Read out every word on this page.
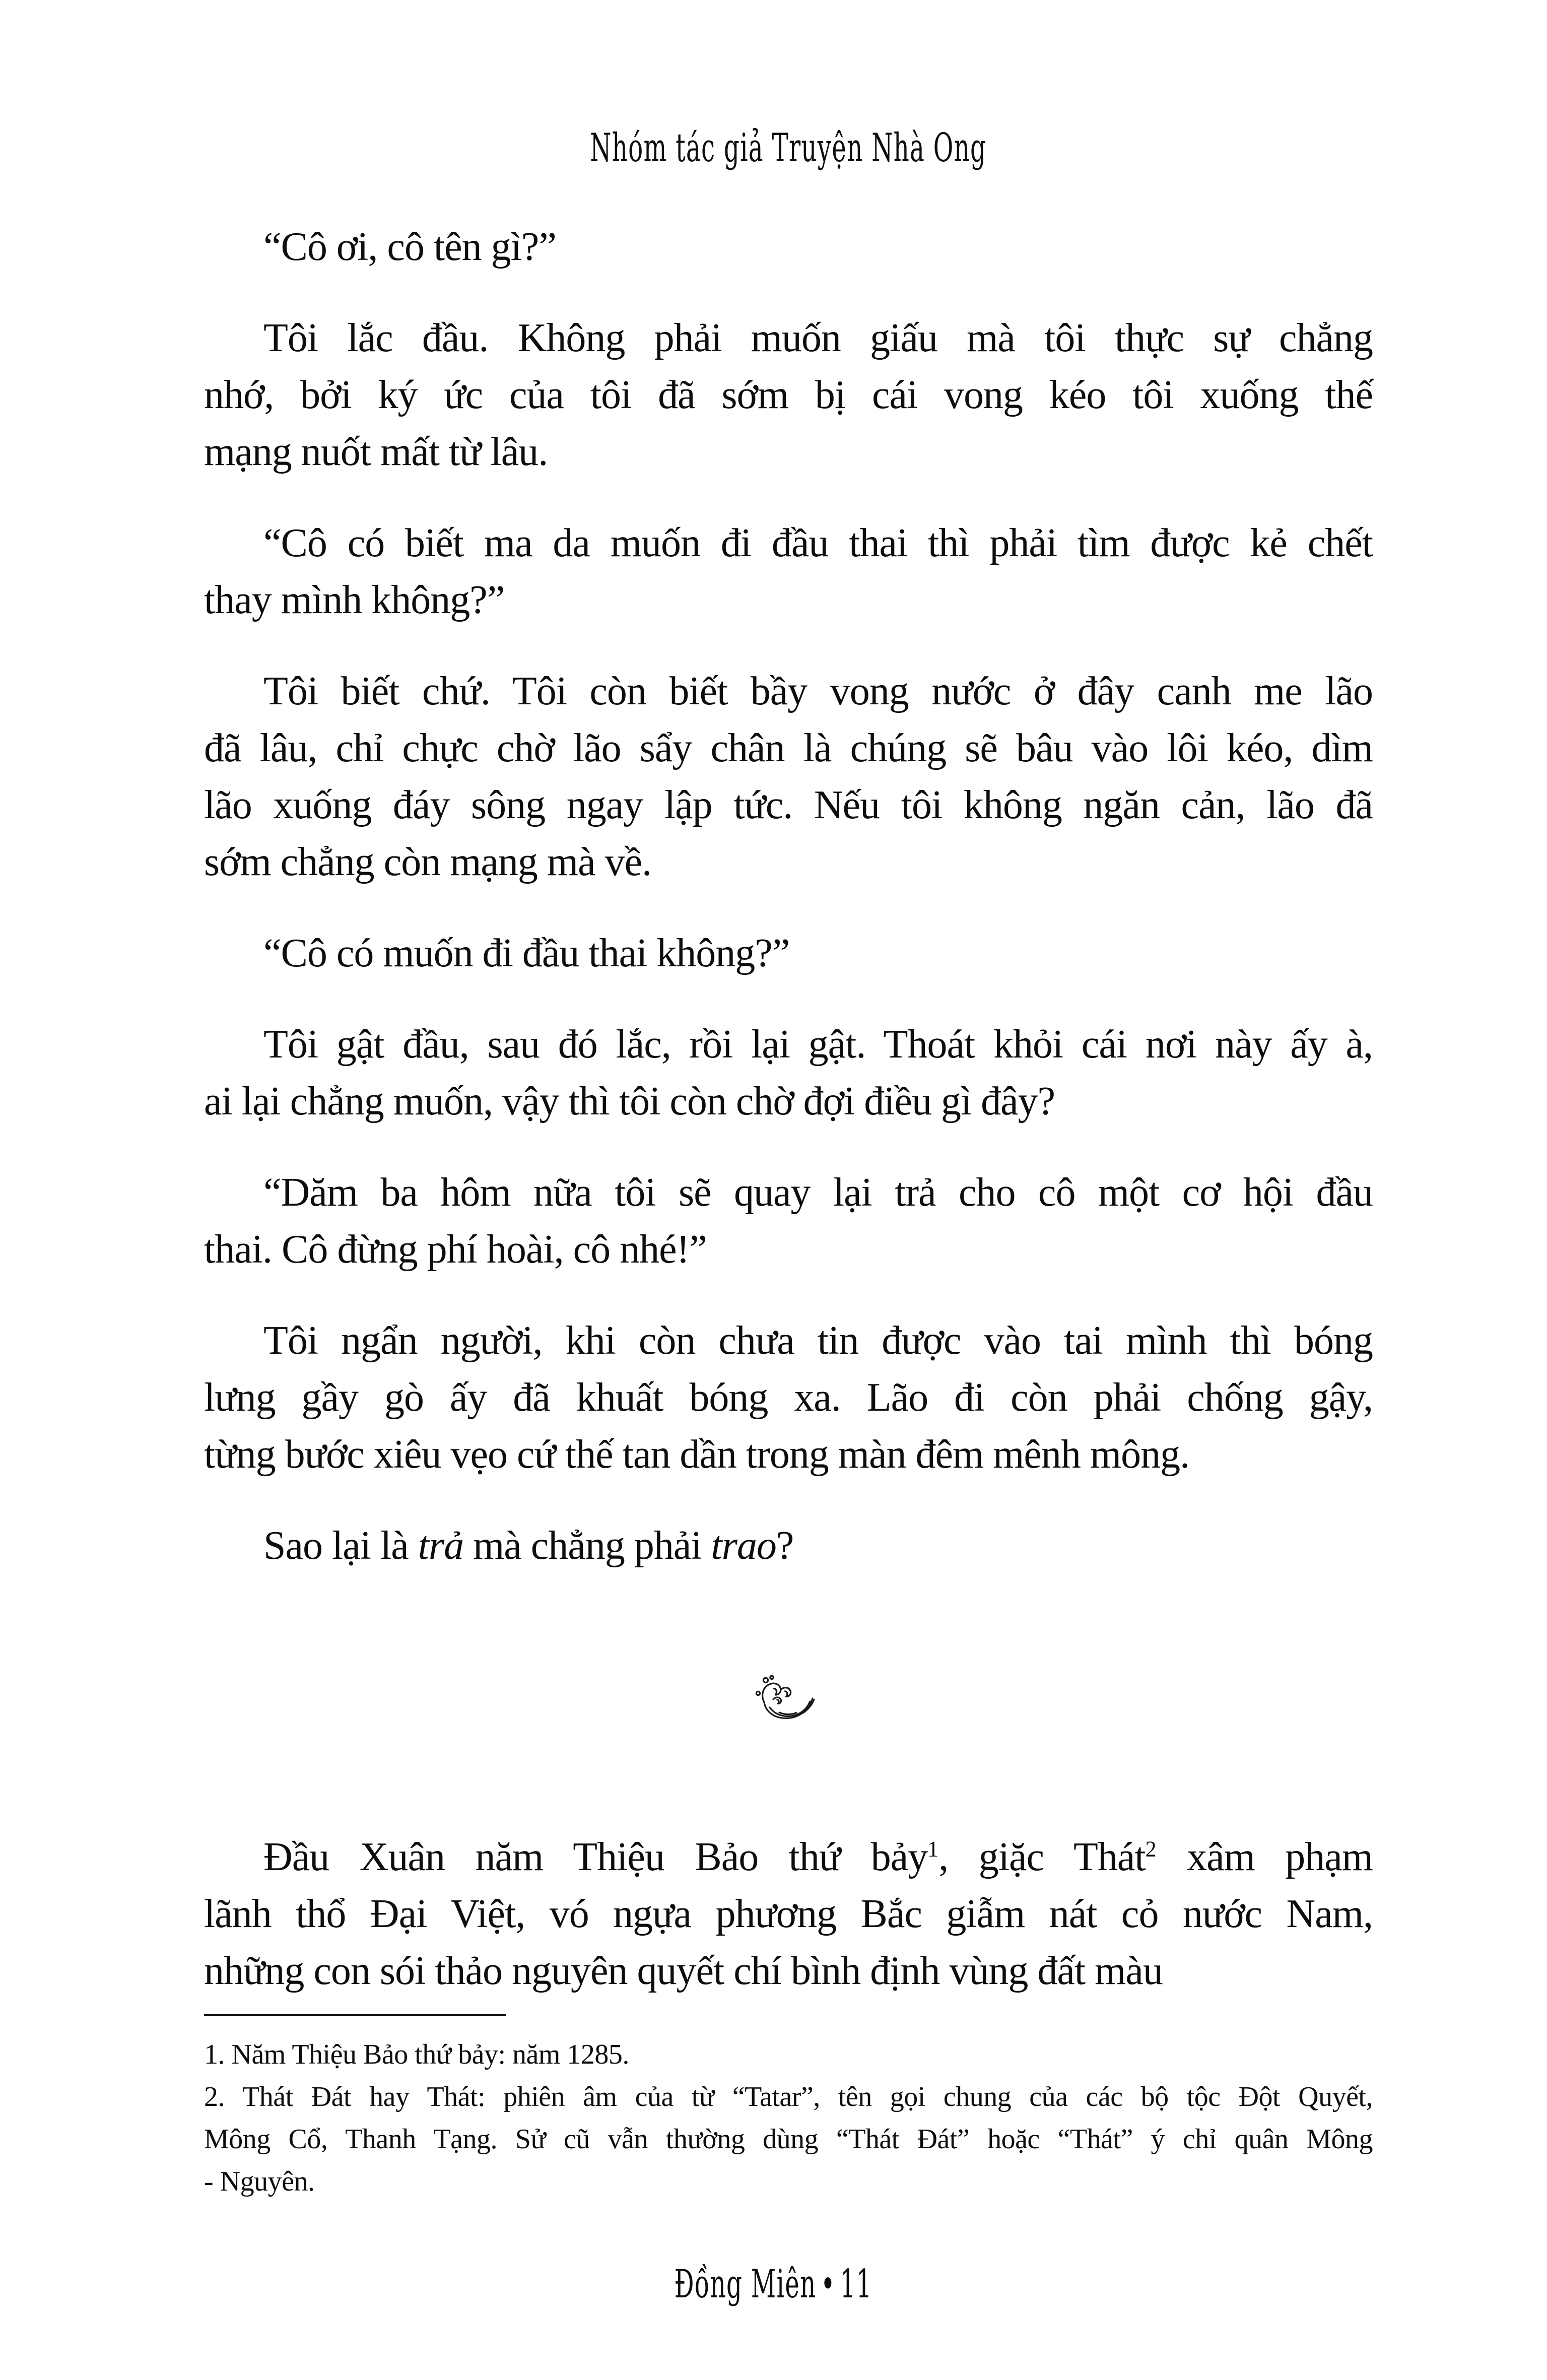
Nhóm tác giả Truyện Nhà Ong
“Cô ơi, cô tên gì?”
Tôi lắc đầu. Không phải muốn giấu mà tôi thực sự chẳng
nhớ, bởi ký ức của tôi đã sớm bị cái vong kéo tôi xuống thế
mạng nuốt mất từ lâu.
“Cô có biết ma da muốn đi đầu thai thì phải tìm được kẻ chết
thay mình không?”
Tôi biết chứ. Tôi còn biết bầy vong nước ở đây canh me lão
đã lâu, chỉ chực chờ lão sẩy chân là chúng sẽ bâu vào lôi kéo, dìm
lão xuống đáy sông ngay lập tức. Nếu tôi không ngăn cản, lão đã
sớm chẳng còn mạng mà về.
“Cô có muốn đi đầu thai không?”
Tôi gật đầu, sau đó lắc, rồi lại gật. Thoát khỏi cái nơi này ấy à,
ai lại chẳng muốn, vậy thì tôi còn chờ đợi điều gì đây?
“Dăm ba hôm nữa tôi sẽ quay lại trả cho cô một cơ hội đầu
thai. Cô đừng phí hoài, cô nhé!”
Tôi ngẩn người, khi còn chưa tin được vào tai mình thì bóng
lưng gầy gò ấy đã khuất bóng xa. Lão đi còn phải chống gậy,
từng bước xiêu vẹo cứ thế tan dần trong màn đêm mênh mông.
Sao lại là trả mà chẳng phải trao?
Đầu Xuân năm Thiệu Bảo thứ bảy$^1$, giặc Thát$^2$ xâm phạm
lãnh thổ Đại Việt, vó ngựa phương Bắc giẫm nát cỏ nước Nam,
những con sói thảo nguyên quyết chí bình định vùng đất màu
1. Năm Thiệu Bảo thứ bảy: năm 1285.
2. Thát Đát hay Thát: phiên âm của từ “Tatar”, tên gọi chung của các bộ tộc Đột Quyết,
Mông Cổ, Thanh Tạng. Sử cũ vẫn thường dùng “Thát Đát” hoặc “Thát” ý chỉ quân Mông
- Nguyên.
Đồng Miên • 11
